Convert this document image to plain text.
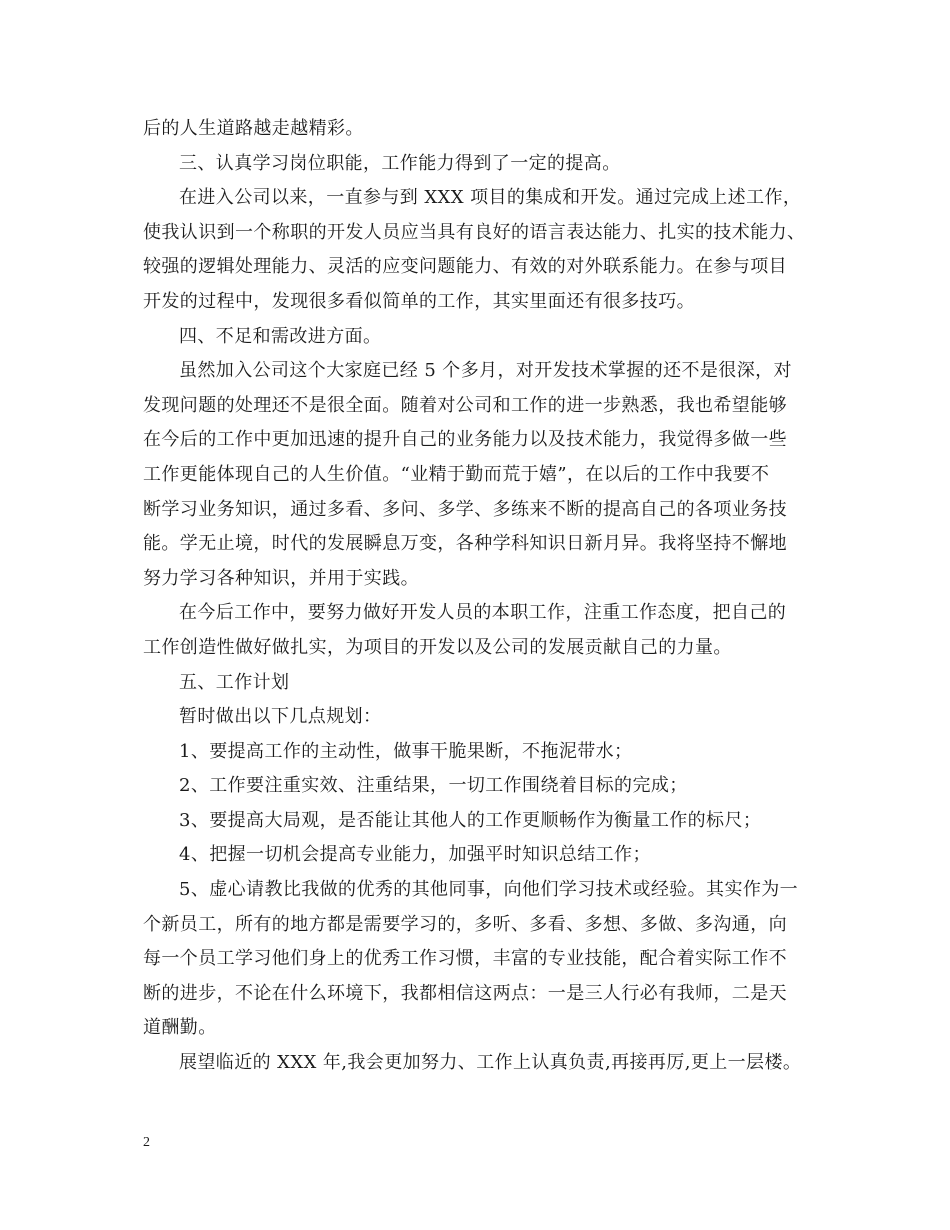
后的人生道路越走越精彩。
三、认真学习岗位职能，工作能力得到了一定的提高。
在进入公司以来，一直参与到 XXX 项目的集成和开发。通过完成上述工作，
使我认识到一个称职的开发人员应当具有良好的语言表达能力、扎实的技术能力、
较强的逻辑处理能力、灵活的应变问题能力、有效的对外联系能力。在参与项目
开发的过程中，发现很多看似简单的工作，其实里面还有很多技巧。
四、不足和需改进方面。
虽然加入公司这个大家庭已经 5 个多月，对开发技术掌握的还不是很深，对
发现问题的处理还不是很全面。随着对公司和工作的进一步熟悉，我也希望能够
在今后的工作中更加迅速的提升自己的业务能力以及技术能力，我觉得多做一些
工作更能体现自己的人生价值。“业精于勤而荒于嬉”，在以后的工作中我要不
断学习业务知识，通过多看、多问、多学、多练来不断的提高自己的各项业务技
能。学无止境，时代的发展瞬息万变，各种学科知识日新月异。我将坚持不懈地
努力学习各种知识，并用于实践。
在今后工作中，要努力做好开发人员的本职工作，注重工作态度，把自己的
工作创造性做好做扎实，为项目的开发以及公司的发展贡献自己的力量。
五、工作计划
暂时做出以下几点规划：
1、要提高工作的主动性，做事干脆果断，不拖泥带水；
2、工作要注重实效、注重结果，一切工作围绕着目标的完成；
3、要提高大局观，是否能让其他人的工作更顺畅作为衡量工作的标尺；
4、把握一切机会提高专业能力，加强平时知识总结工作；
5、虚心请教比我做的优秀的其他同事，向他们学习技术或经验。其实作为一
个新员工，所有的地方都是需要学习的，多听、多看、多想、多做、多沟通，向
每一个员工学习他们身上的优秀工作习惯，丰富的专业技能，配合着实际工作不
断的进步，不论在什么环境下，我都相信这两点：一是三人行必有我师，二是天
道酬勤。
展望临近的 XXX 年,我会更加努力、工作上认真负责,再接再厉,更上一层楼。
2
